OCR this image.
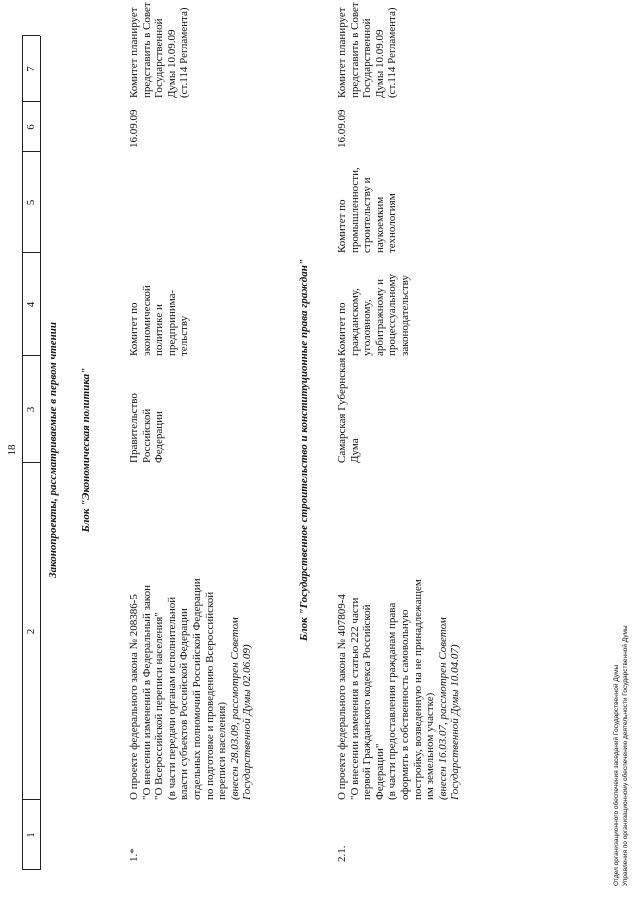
18
1
2
3
4
5
6
7
Законопроекты, рассматриваемые в первом чтении Блок "Экономическая политика"
1.*
О проекте федерального закона № 208386-5 "О внесении изменений в Федеральный закон "О Всероссийской переписи населения" (в части передачи органам исполнительной власти субъектов Российской Федерации отдельных полномочий Российской Федерации по подготовке и проведению Всероссийской переписи населения) (внесен 28.03.09, рассмотрен Советом Государственной Думы 02.06.09)
Правительство Российской Федерации
Комитет по экономической политике и предпринима- тельству
16.09.09
Комитет планирует представить в Совет Государственной Думы 10.09.09 (ст.114 Регламента)
Блок "Государственное строительство и конституционные права граждан"
2.1.
О проекте федерального закона № 407809-4 "О внесении изменения в статью 222 части первой Гражданского кодекса Российской Федерации" (в части предоставления гражданам права оформить в собственность самовольную постройку, возведенную на не принадлежащем им земельном участке) (внесен 16.03.07, рассмотрен Советом Государственной Думы 10.04.07)
Самарская Губернская Дума
Комитет по гражданскому, уголовному, арбитражному и процессуальному законодательству
Комитет по промышленности, строительству и наукоемким технологиям
16.09.09
Комитет планирует представить в Совет Государственной Думы 10.09.09 (ст.114 Регламента)
Отдел организационного обеспечения заседаний Государственной Думы Управления по организационному обеспечению деятельности Государственной Думы
